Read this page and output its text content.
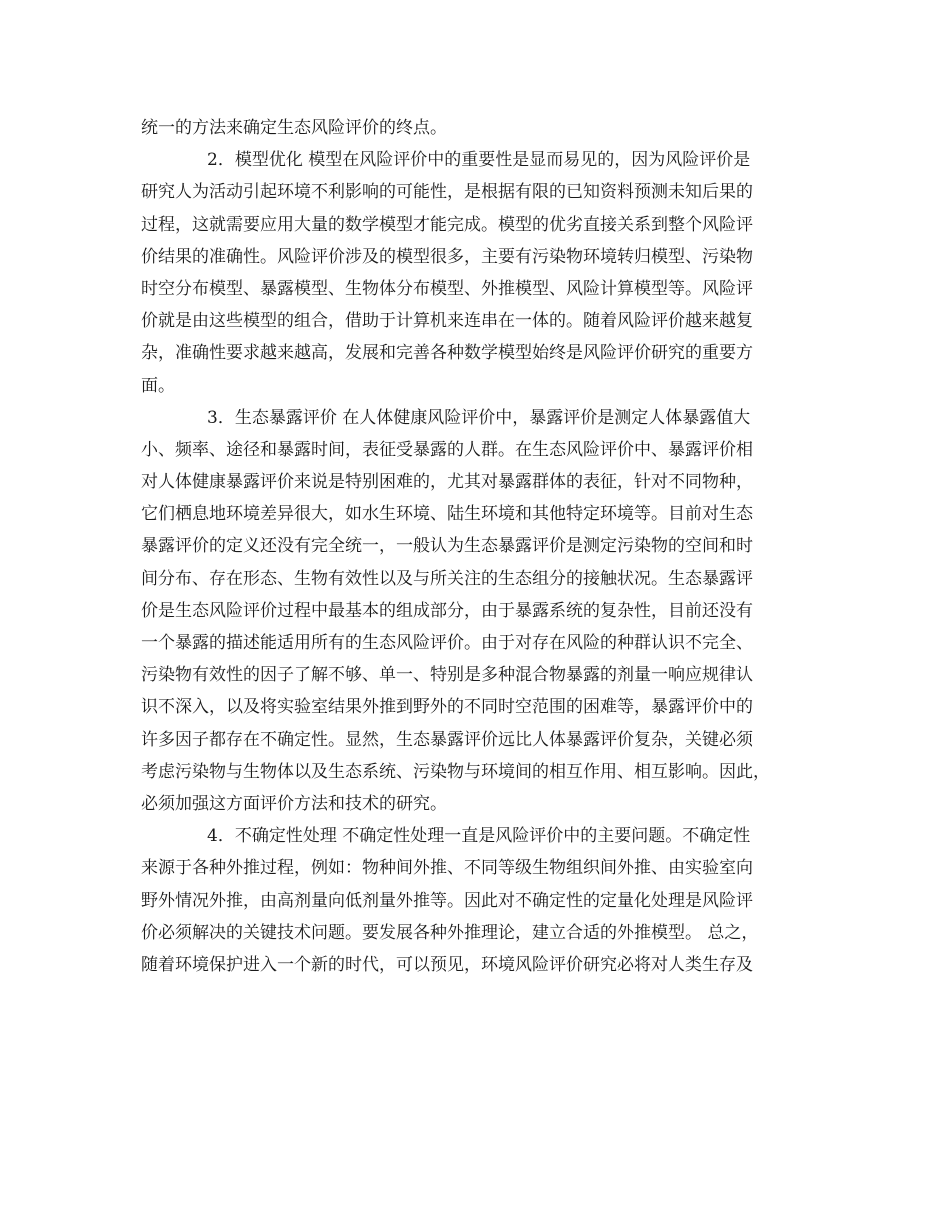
统一的方法来确定生态风险评价的终点。
2．模型优化 模型在风险评价中的重要性是显而易见的，因为风险评价是
研究人为活动引起环境不利影响的可能性，是根据有限的已知资料预测未知后果的
过程，这就需要应用大量的数学模型才能完成。模型的优劣直接关系到整个风险评
价结果的准确性。风险评价涉及的模型很多，主要有污染物环境转归模型、污染物
时空分布模型、暴露模型、生物体分布模型、外推模型、风险计算模型等。风险评
价就是由这些模型的组合，借助于计算机来连串在一体的。随着风险评价越来越复
杂，准确性要求越来越高，发展和完善各种数学模型始终是风险评价研究的重要方
面。
3．生态暴露评价 在人体健康风险评价中，暴露评价是测定人体暴露值大
小、频率、途径和暴露时间，表征受暴露的人群。在生态风险评价中、暴露评价相
对人体健康暴露评价来说是特别困难的，尤其对暴露群体的表征，针对不同物种，
它们栖息地环境差异很大，如水生环境、陆生环境和其他特定环境等。目前对生态
暴露评价的定义还没有完全统一，一般认为生态暴露评价是测定污染物的空间和时
间分布、存在形态、生物有效性以及与所关注的生态组分的接触状况。生态暴露评
价是生态风险评价过程中最基本的组成部分，由于暴露系统的复杂性，目前还没有
一个暴露的描述能适用所有的生态风险评价。由于对存在风险的种群认识不完全、
污染物有效性的因子了解不够、单一、特别是多种混合物暴露的剂量一响应规律认
识不深入，以及将实验室结果外推到野外的不同时空范围的困难等，暴露评价中的
许多因子都存在不确定性。显然，生态暴露评价远比人体暴露评价复杂，关键必须
考虑污染物与生物体以及生态系统、污染物与环境间的相互作用、相互影响。因此，
必须加强这方面评价方法和技术的研究。
4．不确定性处理 不确定性处理一直是风险评价中的主要问题。不确定性
来源于各种外推过程，例如：物种间外推、不同等级生物组织间外推、由实验室向
野外情况外推，由高剂量向低剂量外推等。因此对不确定性的定量化处理是风险评
价必须解决的关键技术问题。要发展各种外推理论，建立合适的外推模型。 总之，
随着环境保护进入一个新的时代，可以预见，环境风险评价研究必将对人类生存及
